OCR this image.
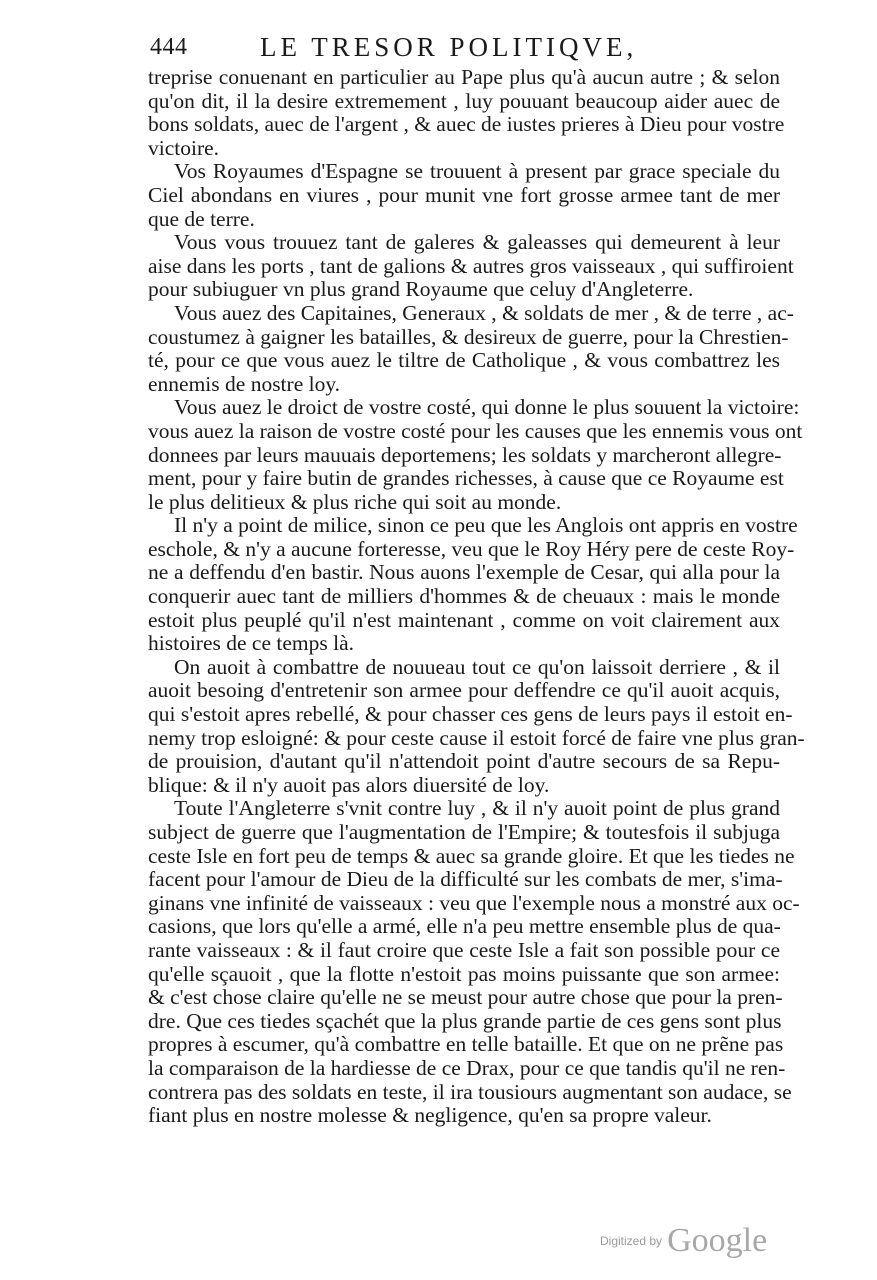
444	LE TRESOR POLITIQVE,
treprise conuenant en particulier au Pape plus qu'à aucun autre ; & selon
qu'on dit, il la desire extremement , luy pouuant beaucoup aider auec de
bons soldats, auec de l'argent , & auec de iustes prieres à Dieu pour vostre
victoire.
Vos Royaumes d'Espagne se trouuent à present par grace speciale du
Ciel abondans en viures , pour munit vne fort grosse armee tant de mer
que de terre.
Vous vous trouuez tant de galeres & galeasses qui demeurent à leur
aise dans les ports , tant de galions & autres gros vaisseaux , qui suffiroient
pour subiuguer vn plus grand Royaume que celuy d'Angleterre.
Vous auez des Capitaines, Generaux , & soldats de mer , & de terre , ac-
coustumez à gaigner les batailles, & desireux de guerre, pour la Chrestien-
té, pour ce que vous auez le tiltre de Catholique , & vous combattrez les
ennemis de nostre loy.
Vous auez le droict de vostre costé, qui donne le plus souuent la victoire:
vous auez la raison de vostre costé pour les causes que les ennemis vous ont
donnees par leurs mauuais deportemens; les soldats y marcheront allegre-
ment, pour y faire butin de grandes richesses, à cause que ce Royaume est
le plus delitieux & plus riche qui soit au monde.
Il n'y a point de milice, sinon ce peu que les Anglois ont appris en vostre
eschole, & n'y a aucune forteresse, veu que le Roy Héry pere de ceste Roy-
ne a deffendu d'en bastir. Nous auons l'exemple de Cesar, qui alla pour la
conquerir auec tant de milliers d'hommes & de cheuaux : mais le monde
estoit plus peuplé qu'il n'est maintenant , comme on voit clairement aux
histoires de ce temps là.
On auoit à combattre de nouueau tout ce qu'on laissoit derriere , & il
auoit besoing d'entretenir son armee pour deffendre ce qu'il auoit acquis,
qui s'estoit apres rebellé, & pour chasser ces gens de leurs pays il estoit en-
nemy trop esloigné: & pour ceste cause il estoit forcé de faire vne plus gran-
de prouision, d'autant qu'il n'attendoit point d'autre secours de sa Repu-
blique: & il n'y auoit pas alors diuersité de loy.
Toute l'Angleterre s'vnit contre luy , & il n'y auoit point de plus grand
subject de guerre que l'augmentation de l'Empire; & toutesfois il subjuga
ceste Isle en fort peu de temps & auec sa grande gloire. Et que les tiedes ne
facent pour l'amour de Dieu de la difficulté sur les combats de mer, s'ima-
ginans vne infinité de vaisseaux : veu que l'exemple nous a monstré aux oc-
casions, que lors qu'elle a armé, elle n'a peu mettre ensemble plus de qua-
rante vaisseaux : & il faut croire que ceste Isle a fait son possible pour ce
qu'elle sçauoit , que la flotte n'estoit pas moins puissante que son armee:
& c'est chose claire qu'elle ne se meust pour autre chose que pour la pren-
dre. Que ces tiedes sçachét que la plus grande partie de ces gens sont plus
propres à escumer, qu'à combattre en telle bataille. Et que on ne prẽne pas
la comparaison de la hardiesse de ce Drax, pour ce que tandis qu'il ne ren-
contrera pas des soldats en teste, il ira tousiours augmentant son audace, se
fiant plus en nostre molesse & negligence, qu'en sa propre valeur.
Digitized by Google
